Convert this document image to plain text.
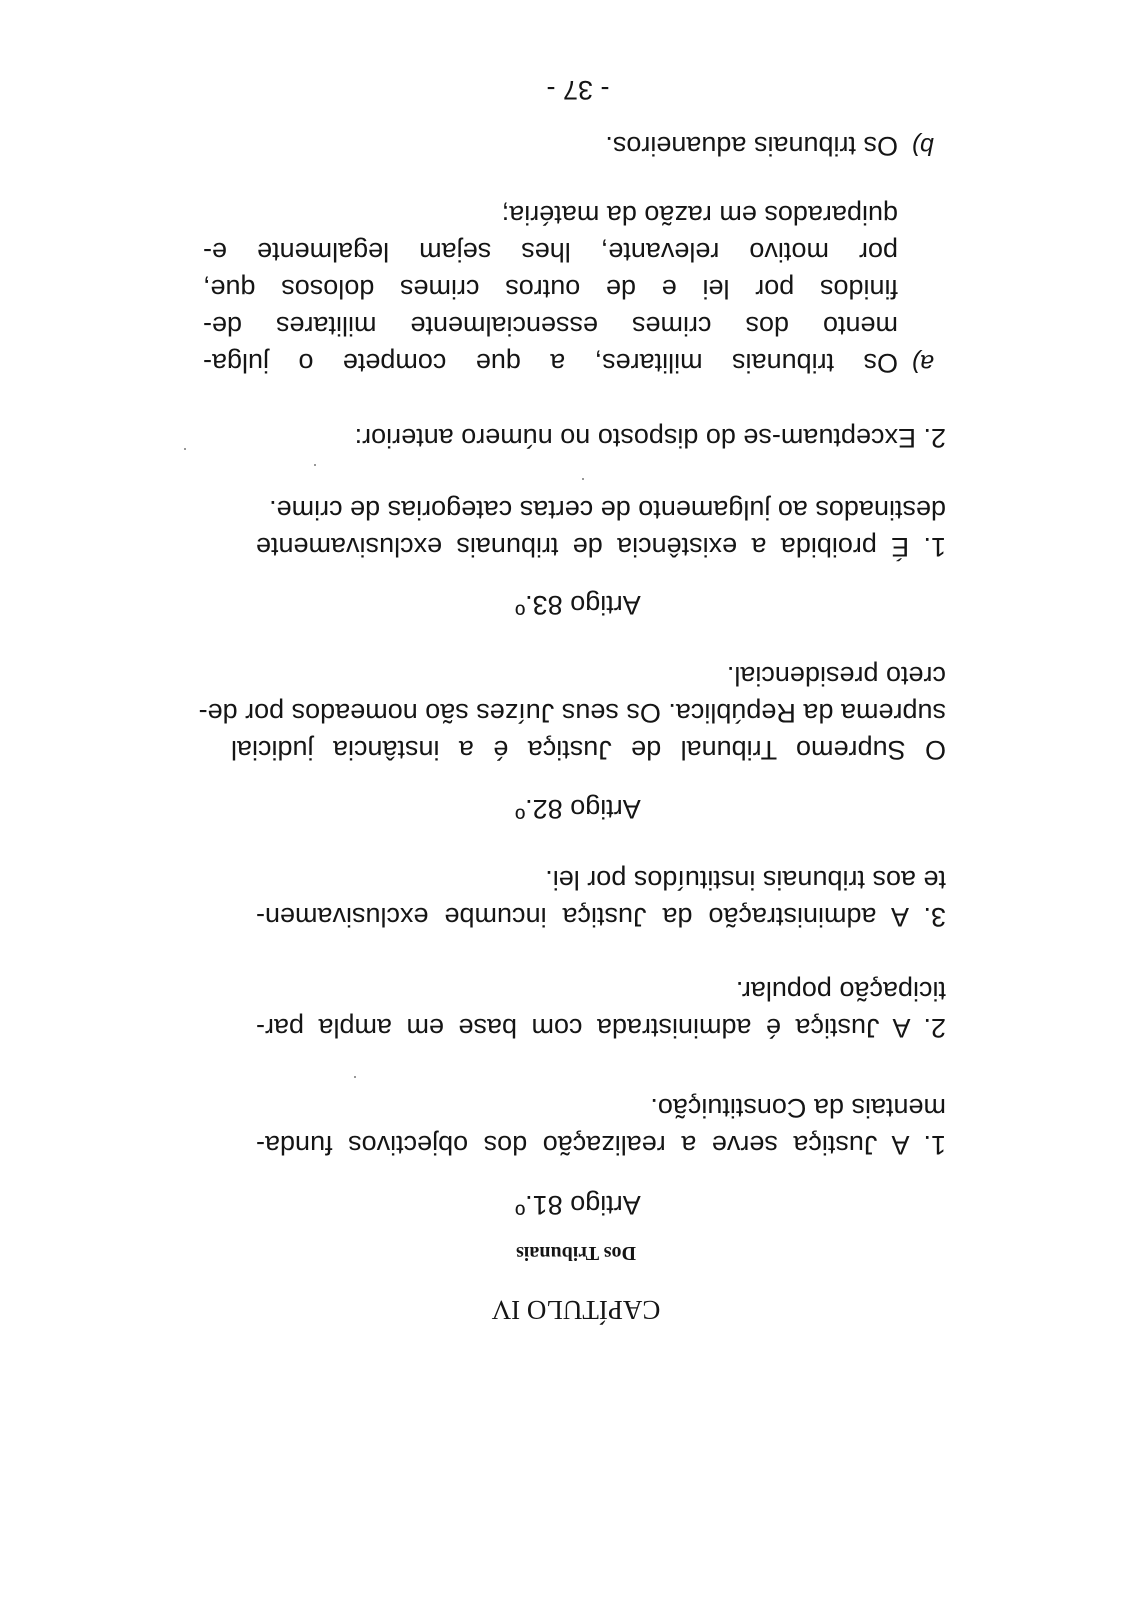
CAPÍTULO IV
Dos Tribunais
Artigo 81.º
1. A Justiça serve a realização dos objectivos funda-
mentais da Constituição.
2. A Justiça é administrada com base em ampla par-
ticipação popular.
3. A administração da Justiça incumbe exclusivamen-
te aos tribunais instituídos por lei.
Artigo 82.º
O Supremo Tribunal de Justiça é a instância judicial
suprema da República. Os seus Juízes são nomeados por de-
creto presidencial.
Artigo 83.º
1. É proibida a existência de tribunais exclusivamente
destinados ao julgamento de certas categorias de crime.
2. Exceptuam-se do disposto no número anterior:
a)
Os tribunais militares, a que compete o julga-
mento dos crimes essencialmente militares de-
finidos por lei e de outros crimes dolosos que,
por motivo relevante, lhes sejam legalmente e-
quiparados em razão da matéria;
b)
Os tribunais aduaneiros.
- 37 -
